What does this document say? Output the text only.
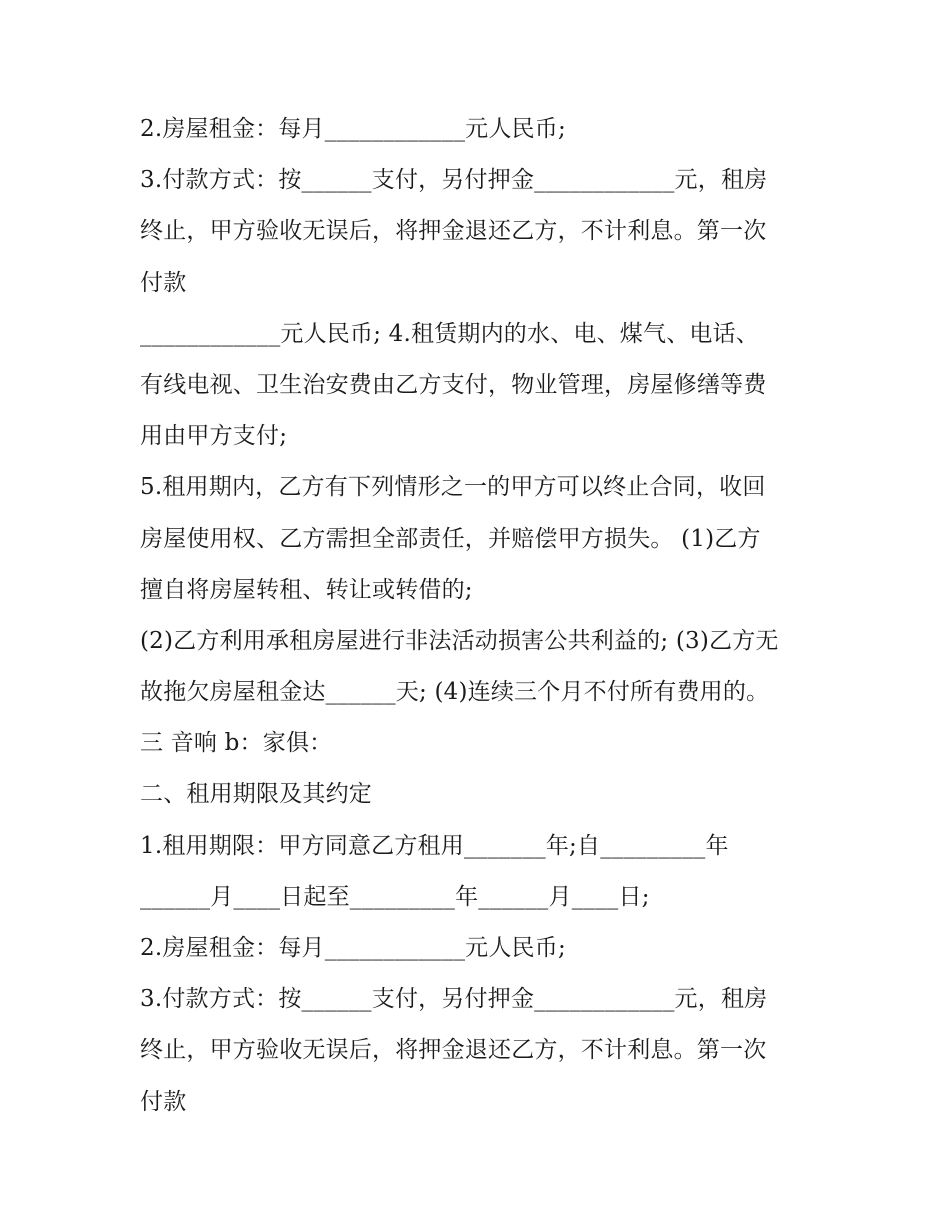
2.房屋租金：每月____________元人民币;
3.付款方式：按______支付，另付押金____________元，租房
终止，甲方验收无误后，将押金退还乙方，不计利息。第一次
付款
____________元人民币; 4.租赁期内的水、电、煤气、电话、
有线电视、卫生治安费由乙方支付，物业管理，房屋修缮等费
用由甲方支付;
5.租用期内，乙方有下列情形之一的甲方可以终止合同，收回
房屋使用权、乙方需担全部责任，并赔偿甲方损失。 (1)乙方
擅自将房屋转租、转让或转借的;
(2)乙方利用承租房屋进行非法活动损害公共利益的; (3)乙方无
故拖欠房屋租金达______天; (4)连续三个月不付所有费用的。
三 音响 b：家俱：
二、租用期限及其约定
1.租用期限：甲方同意乙方租用_______年;自_________年
______月____日起至_________年______月____日;
2.房屋租金：每月____________元人民币;
3.付款方式：按______支付，另付押金____________元，租房
终止，甲方验收无误后，将押金退还乙方，不计利息。第一次
付款
